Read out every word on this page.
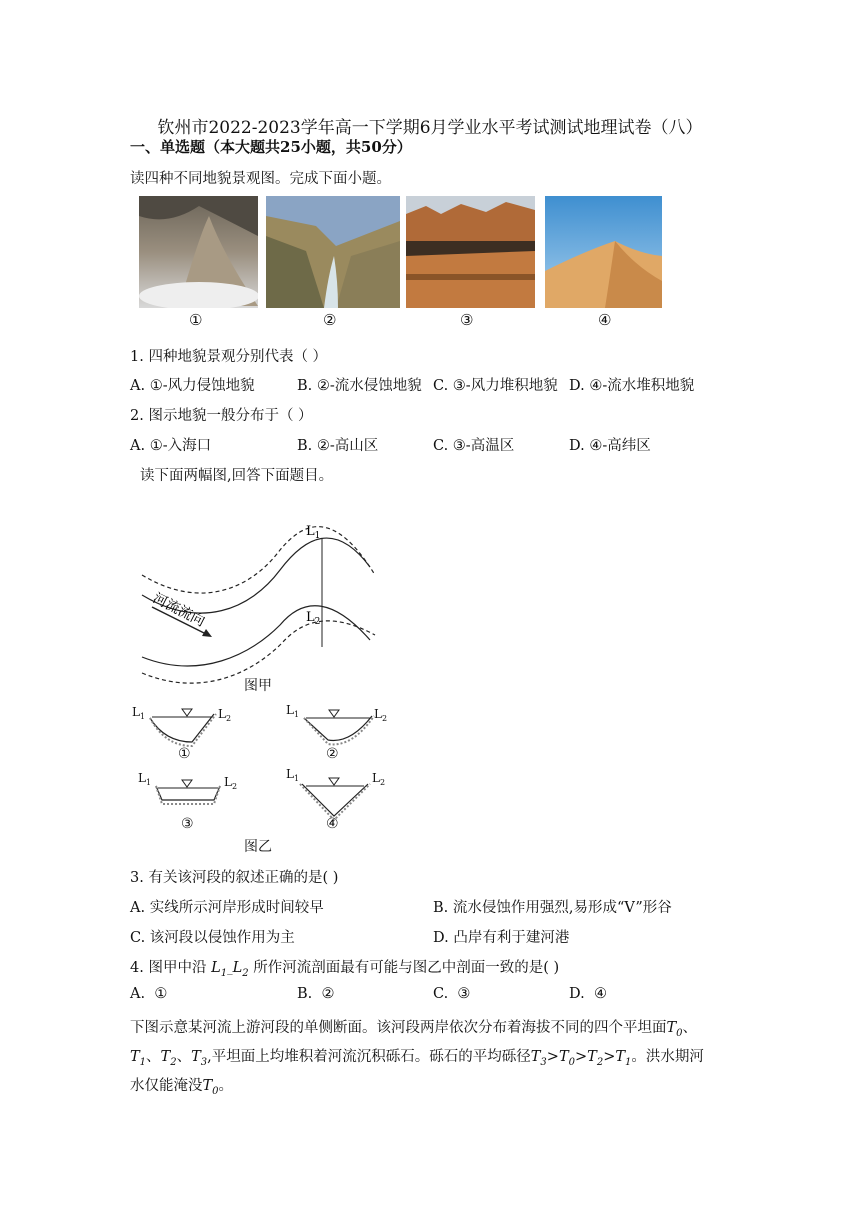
钦州市2022-2023学年高一下学期6月学业水平考试测试地理试卷（八）
一、单选题（本大题共25小题，共50分）
读四种不同地貌景观图。完成下面小题。
①	②	③	④
1. 四种地貌景观分别代表（ ）
A. ①-风力侵蚀地貌	B. ②-流水侵蚀地貌 C. ③-风力堆积地貌 D. ④-流水堆积地貌
2. 图示地貌一般分布于（ ）
A. ①-入海口	B. ②-高山区	C. ③-高温区	D. ④-高纬区
读下面两幅图,回答下面题目。
河流流向
$L_1$
$L_2$
图甲
$L_1$	$L_2$
$L_1$	$L_2$
$L_1$	$L_2$
$L_1$	$L_2$
①	②
③	④
图乙
3. 有关该河段的叙述正确的是( )
A. 实线所示河岸形成时间较早	B. 流水侵蚀作用强烈,易形成“V”形谷
C. 该河段以侵蚀作用为主	D. 凸岸有利于建河港
4. 图甲中沿 $L_1\_L_2$ 所作河流剖面最有可能与图乙中剖面一致的是( )
A. ①	B. ②	C. ③	D. ④
下图示意某河流上游河段的单侧断面。该河段两岸依次分布着海拔不同的四个平坦面$T_0$、
$T_1$、$T_2$、$T_3$,平坦面上均堆积着河流沉积砾石。砾石的平均砾径$T_3>T_0>T_2>T_1$。洪水期河
水仅能淹没$T_0$。
